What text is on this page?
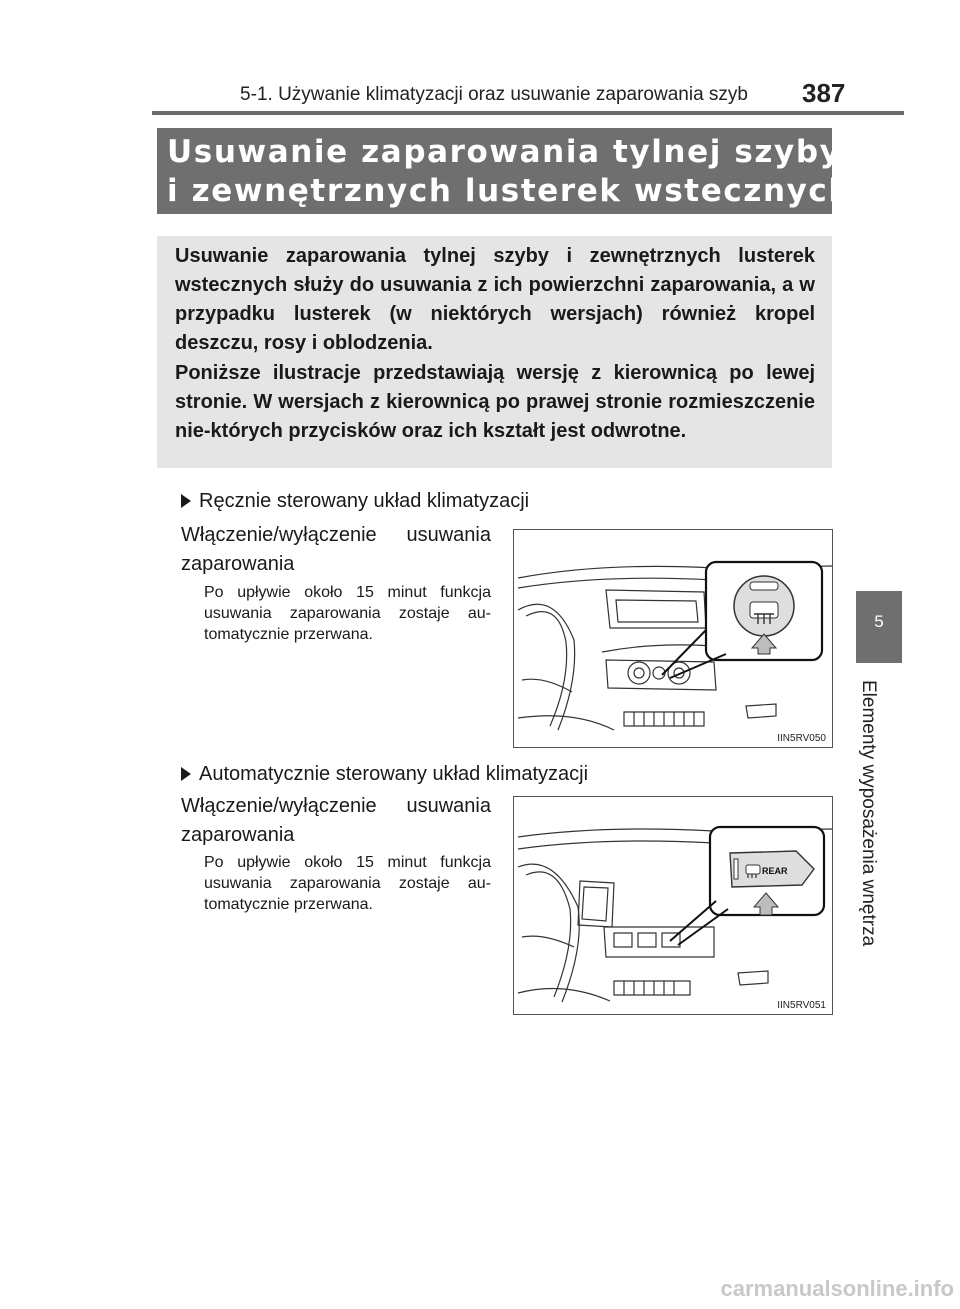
5-1. Używanie klimatyzacji oraz usuwanie zaparowania szyb 387
Usuwanie zaparowania tylnej szyby
i zewnętrznych lusterek wstecznych
Usuwanie zaparowania tylnej szyby i zewnętrznych lusterek wstecznych służy do usuwania z ich powierzchni zaparowania, a w przypadku lusterek (w niektórych wersjach) również kropel deszczu, rosy i oblodzenia.
Poniższe ilustracje przedstawiają wersję z kierownicą po lewej stronie. W wersjach z kierownicą po prawej stronie rozmieszczenie nie-których przycisków oraz ich kształt jest odwrotne.
Ręcznie sterowany układ klimatyzacji
Włączenie/wyłączenie usuwania zaparowania
Po upływie około 15 minut funkcja usuwania zaparowania zostaje au-tomatycznie przerwana.
IIN5RV050
Automatycznie sterowany układ klimatyzacji
Włączenie/wyłączenie usuwania zaparowania
Po upływie około 15 minut funkcja usuwania zaparowania zostaje au-tomatycznie przerwana.
REAR
IIN5RV051
5
Elementy wyposażenia wnętrza
carmanualsonline.info
